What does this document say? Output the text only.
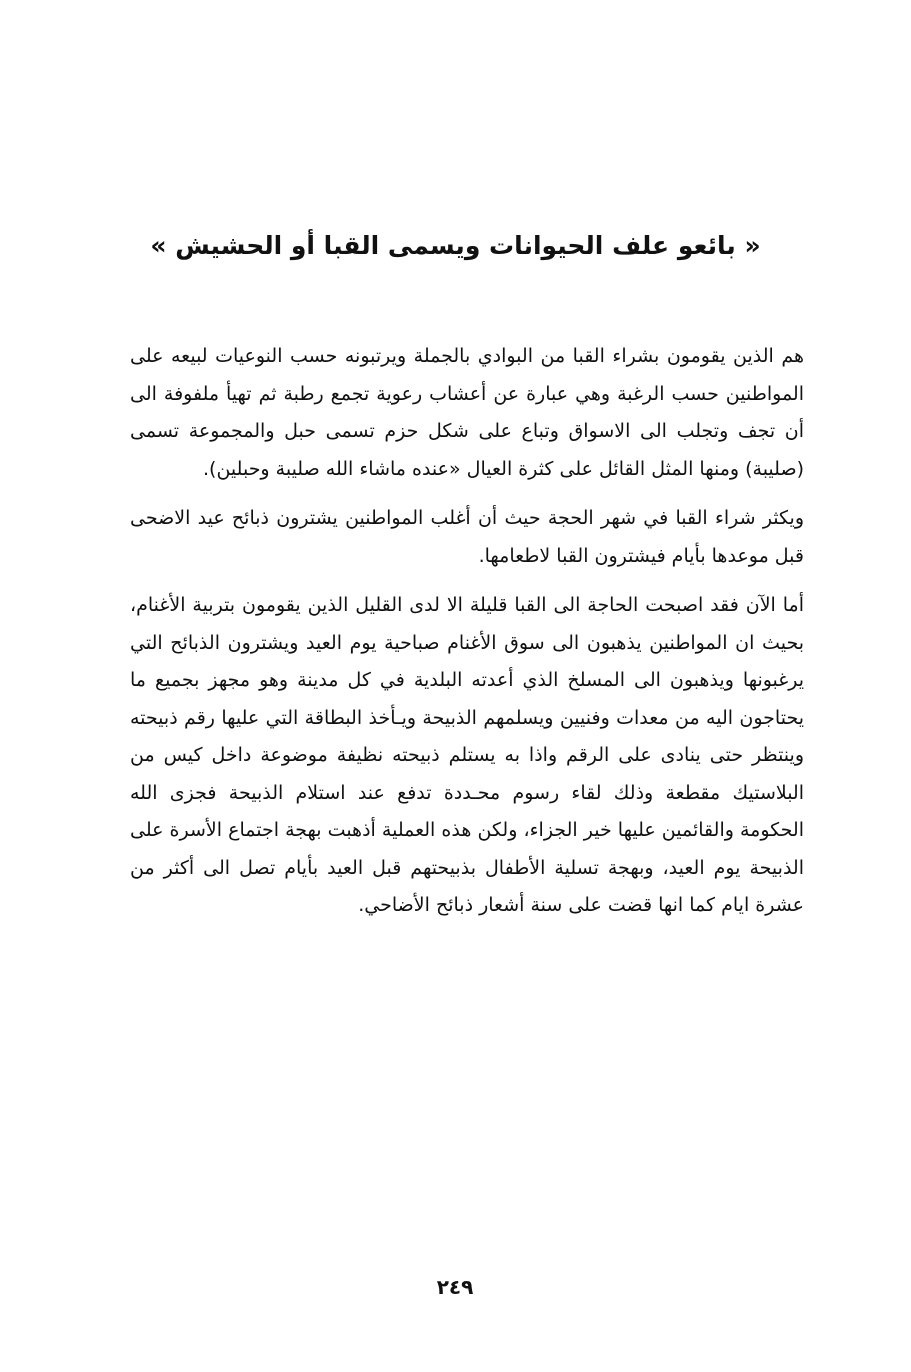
« بائعو علف الحيوانات ويسمى القبا أو الحشيش »

هم الذين يقومون بشراء القبا من البوادي بالجملة ويرتبونه حسب النوعيات لبيعه على المواطنين حسب الرغبة وهي عبارة عن أعشاب رعوية تجمع رطبة ثم تهيأ ملفوفة الى أن تجف وتجلب الى الاسواق وتباع على شكل حزم تسمى حبل والمجموعة تسمى (صليبة) ومنها المثل القائل على كثرة العيال «عنده ماشاء الله صليبة وحبلين).

ويكثر شراء القبا في شهر الحجة حيث أن أغلب المواطنين يشترون ذبائح عيد الاضحى قبل موعدها بأيام فيشترون القبا لاطعامها.

أما الآن فقد اصبحت الحاجة الى القبا قليلة الا لدى القليل الذين يقومون بتربية الأغنام، بحيث ان المواطنين يذهبون الى سوق الأغنام صباحية يوم العيد ويشترون الذبائح التي يرغبونها ويذهبون الى المسلخ الذي أعدته البلدية في كل مدينة وهو مجهز بجميع ما يحتاجون اليه من معدات وفنيين ويسلمهم الذبيحة ويـأخذ البطاقة التي عليها رقم ذبيحته وينتظر حتى ينادى على الرقم واذا به يستلم ذبيحته نظيفة موضوعة داخل كيس من البلاستيك مقطعة وذلك لقاء رسوم محـددة تدفع عند استلام الذبيحة فجزى الله الحكومة والقائمين عليها خير الجزاء، ولكن هذه العملية أذهبت بهجة اجتماع الأسرة على الذبيحة يوم العيد، وبهجة تسلية الأطفال بذبيحتهم قبل العيد بأيام تصل الى أكثر من عشرة ايام كما انها قضت على سنة أشعار ذبائح الأضاحي.

٢٤٩
